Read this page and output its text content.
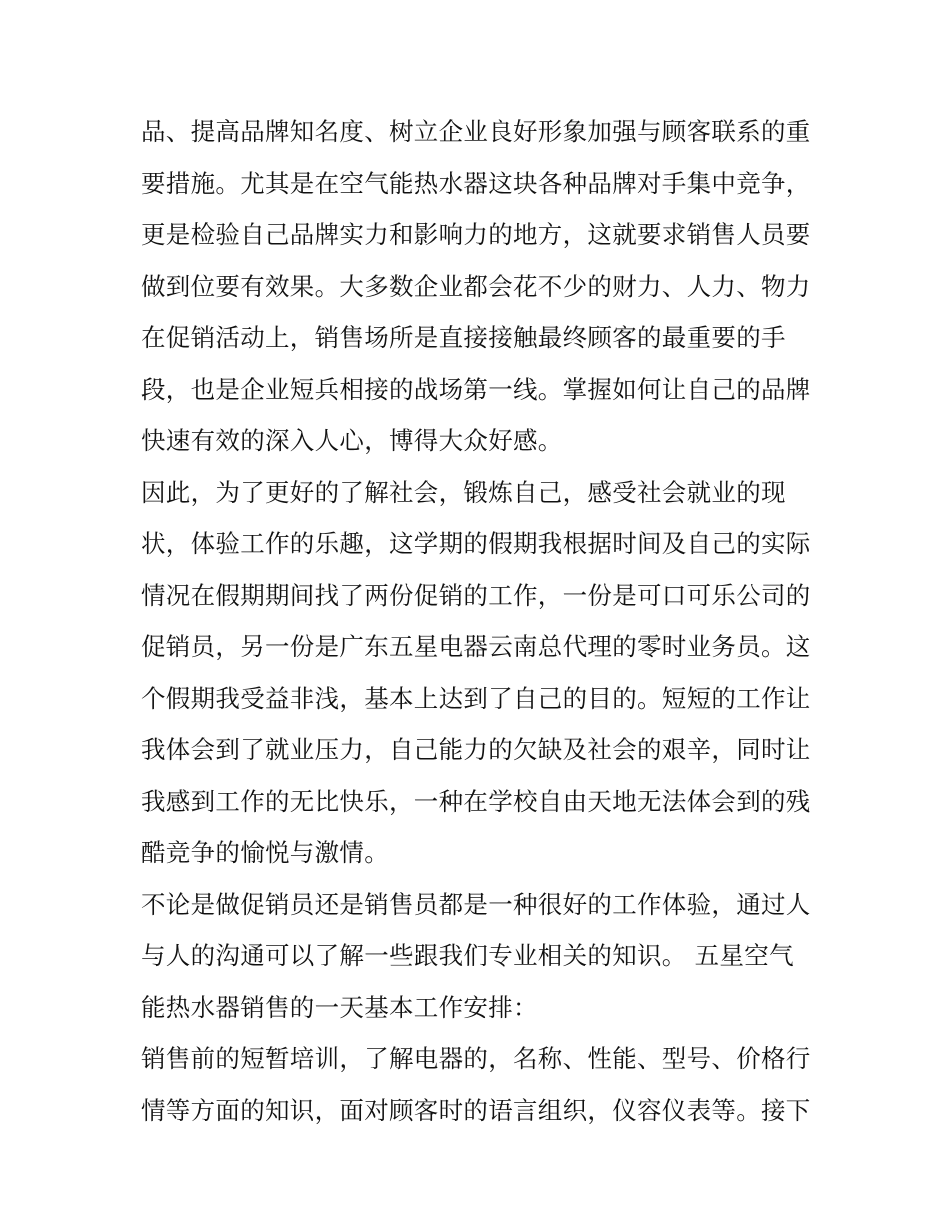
品、提高品牌知名度、树立企业良好形象加强与顾客联系的重
要措施。尤其是在空气能热水器这块各种品牌对手集中竞争，
更是检验自己品牌实力和影响力的地方，这就要求销售人员要
做到位要有效果。大多数企业都会花不少的财力、人力、物力
在促销活动上，销售场所是直接接触最终顾客的最重要的手
段，也是企业短兵相接的战场第一线。掌握如何让自己的品牌
快速有效的深入人心，博得大众好感。
因此，为了更好的了解社会，锻炼自己，感受社会就业的现
状，体验工作的乐趣，这学期的假期我根据时间及自己的实际
情况在假期期间找了两份促销的工作，一份是可口可乐公司的
促销员，另一份是广东五星电器云南总代理的零时业务员。这
个假期我受益非浅，基本上达到了自己的目的。短短的工作让
我体会到了就业压力，自己能力的欠缺及社会的艰辛，同时让
我感到工作的无比快乐，一种在学校自由天地无法体会到的残
酷竞争的愉悦与激情。
不论是做促销员还是销售员都是一种很好的工作体验，通过人
与人的沟通可以了解一些跟我们专业相关的知识。 五星空气
能热水器销售的一天基本工作安排：
销售前的短暂培训，了解电器的，名称、性能、型号、价格行
情等方面的知识，面对顾客时的语言组织，仪容仪表等。接下
